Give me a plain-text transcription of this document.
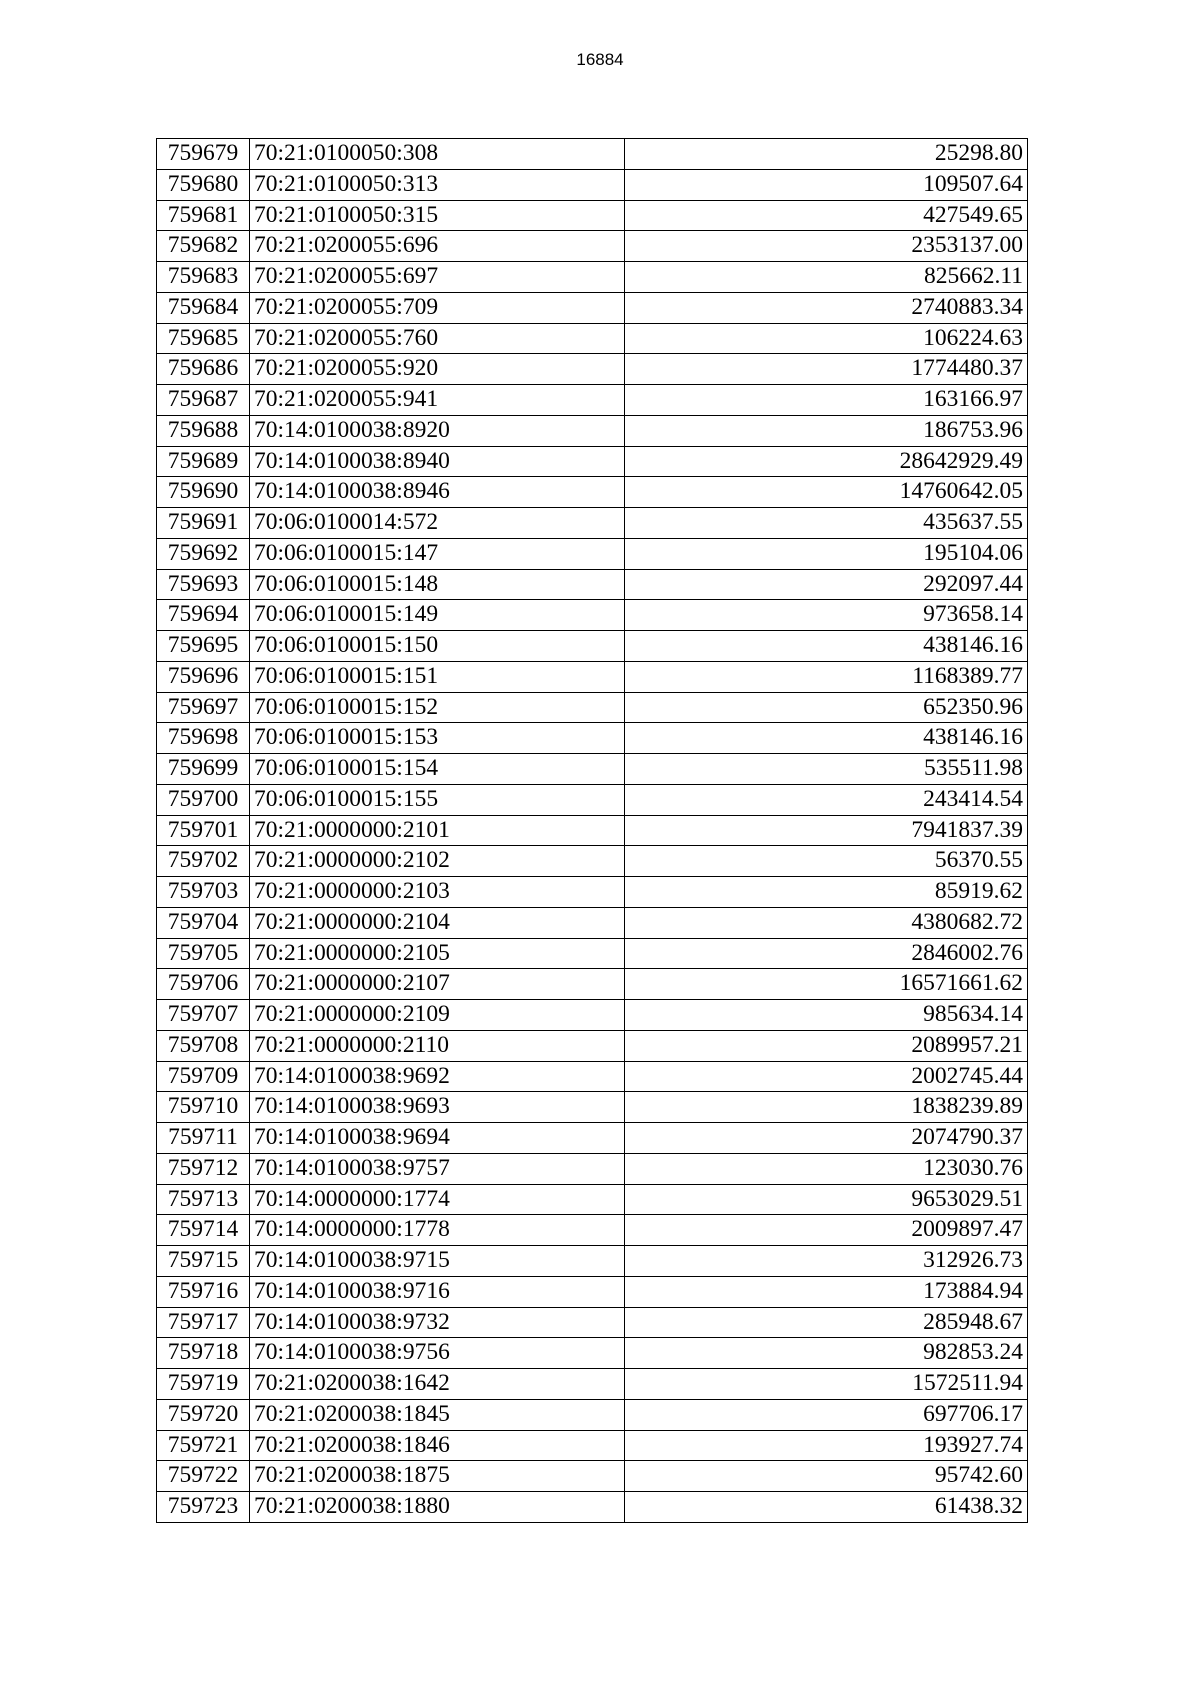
16884
759679	70:21:0100050:308	25298.80
759680	70:21:0100050:313	109507.64
759681	70:21:0100050:315	427549.65
759682	70:21:0200055:696	2353137.00
759683	70:21:0200055:697	825662.11
759684	70:21:0200055:709	2740883.34
759685	70:21:0200055:760	106224.63
759686	70:21:0200055:920	1774480.37
759687	70:21:0200055:941	163166.97
759688	70:14:0100038:8920	186753.96
759689	70:14:0100038:8940	28642929.49
759690	70:14:0100038:8946	14760642.05
759691	70:06:0100014:572	435637.55
759692	70:06:0100015:147	195104.06
759693	70:06:0100015:148	292097.44
759694	70:06:0100015:149	973658.14
759695	70:06:0100015:150	438146.16
759696	70:06:0100015:151	1168389.77
759697	70:06:0100015:152	652350.96
759698	70:06:0100015:153	438146.16
759699	70:06:0100015:154	535511.98
759700	70:06:0100015:155	243414.54
759701	70:21:0000000:2101	7941837.39
759702	70:21:0000000:2102	56370.55
759703	70:21:0000000:2103	85919.62
759704	70:21:0000000:2104	4380682.72
759705	70:21:0000000:2105	2846002.76
759706	70:21:0000000:2107	16571661.62
759707	70:21:0000000:2109	985634.14
759708	70:21:0000000:2110	2089957.21
759709	70:14:0100038:9692	2002745.44
759710	70:14:0100038:9693	1838239.89
759711	70:14:0100038:9694	2074790.37
759712	70:14:0100038:9757	123030.76
759713	70:14:0000000:1774	9653029.51
759714	70:14:0000000:1778	2009897.47
759715	70:14:0100038:9715	312926.73
759716	70:14:0100038:9716	173884.94
759717	70:14:0100038:9732	285948.67
759718	70:14:0100038:9756	982853.24
759719	70:21:0200038:1642	1572511.94
759720	70:21:0200038:1845	697706.17
759721	70:21:0200038:1846	193927.74
759722	70:21:0200038:1875	95742.60
759723	70:21:0200038:1880	61438.32
